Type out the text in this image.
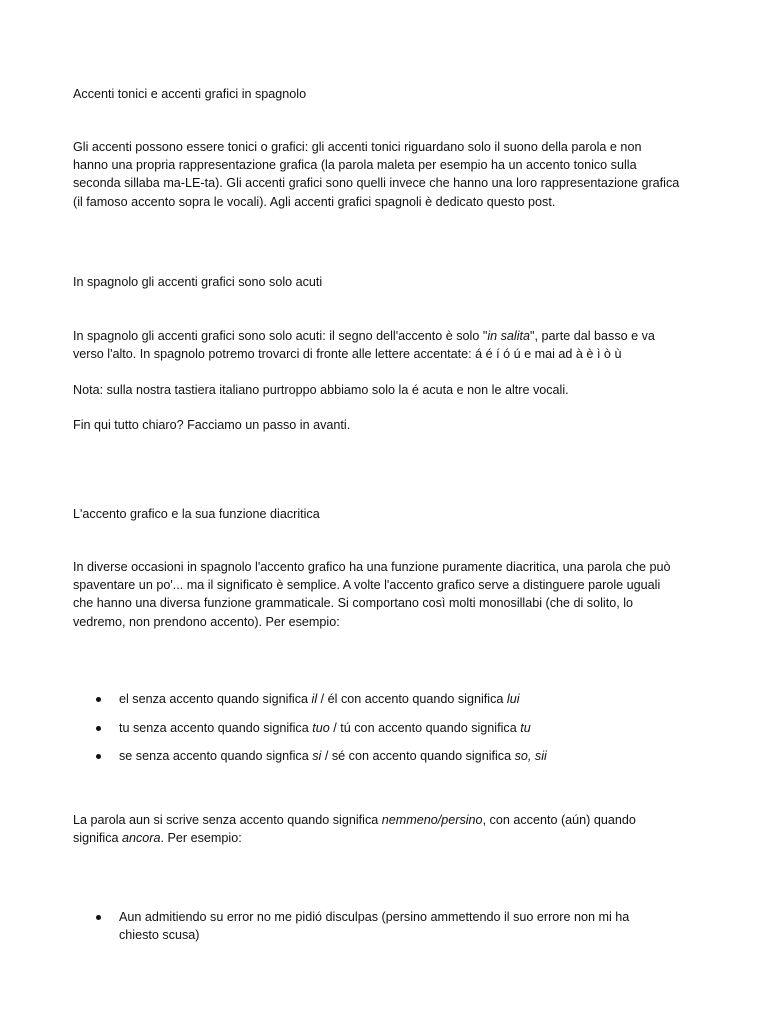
Accenti tonici e accenti grafici in spagnolo
Gli accenti possono essere tonici o grafici: gli accenti tonici riguardano solo il suono della parola e non
hanno una propria rappresentazione grafica (la parola maleta per esempio ha un accento tonico sulla
seconda sillaba ma-LE-ta). Gli accenti grafici sono quelli invece che hanno una loro rappresentazione grafica
(il famoso accento sopra le vocali). Agli accenti grafici spagnoli è dedicato questo post.
In spagnolo gli accenti grafici sono solo acuti
In spagnolo gli accenti grafici sono solo acuti: il segno dell'accento è solo "in salita", parte dal basso e va
verso l'alto. In spagnolo potremo trovarci di fronte alle lettere accentate: á é í ó ú e mai ad à è ì ò ù
Nota: sulla nostra tastiera italiano purtroppo abbiamo solo la é acuta e non le altre vocali.
Fin qui tutto chiaro? Facciamo un passo in avanti.
L'accento grafico e la sua funzione diacritica
In diverse occasioni in spagnolo l'accento grafico ha una funzione puramente diacritica, una parola che può
spaventare un po'... ma il significato è semplice. A volte l'accento grafico serve a distinguere parole uguali
che hanno una diversa funzione grammaticale. Si comportano così molti monosillabi (che di solito, lo
vedremo, non prendono accento). Per esempio:
el senza accento quando significa il / él con accento quando significa lui
tu senza accento quando significa tuo / tú con accento quando significa tu
se senza accento quando signfica si / sé con accento quando significa so, sii
La parola aun si scrive senza accento quando significa nemmeno/persino, con accento (aún) quando
significa ancora. Per esempio:
Aun admitiendo su error no me pidió disculpas (persino ammettendo il suo errore non mi ha
chiesto scusa)
